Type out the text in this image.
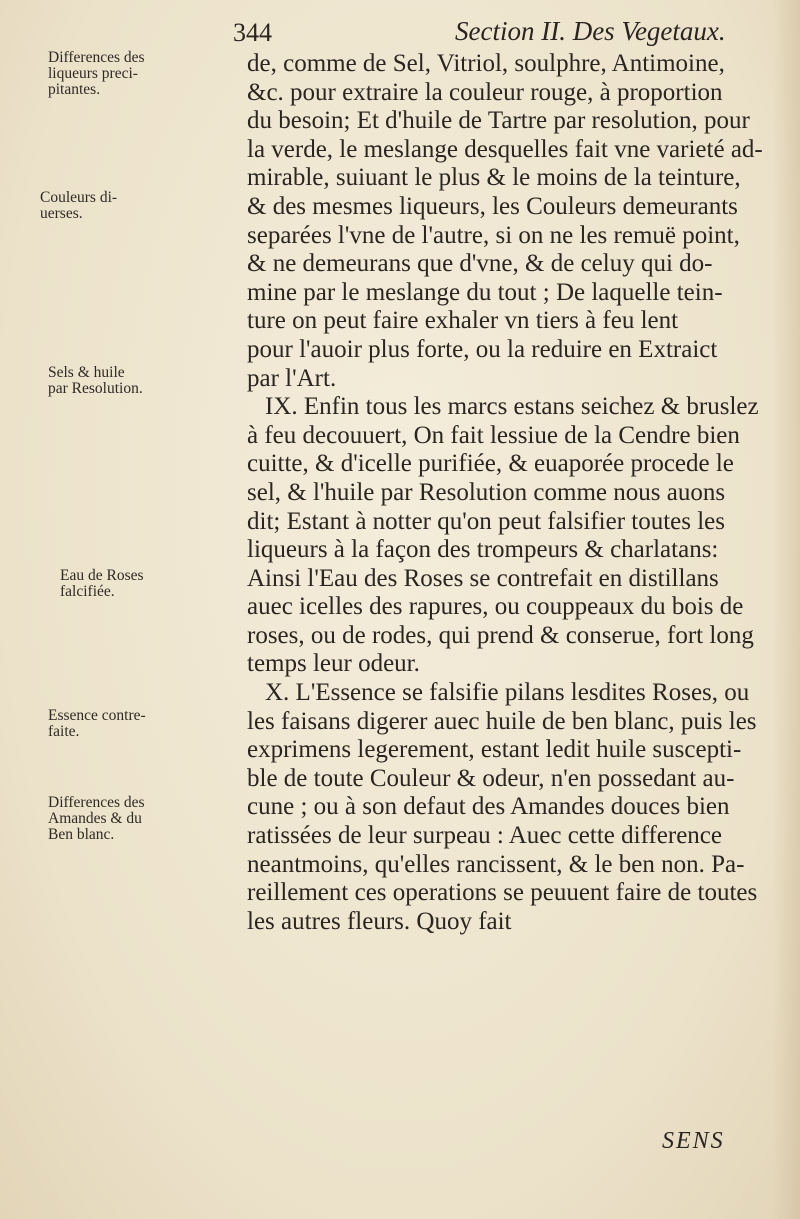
344	Section II. Des Vegetaux.
Differences des
liqueurs preci-
pitantes.
Couleurs di-
uerses.
Sels & huile
par Resolution.
Eau de Roses
falcifiée.
Essence contre-
faite.
Differences des
Amandes & du
Ben blanc.
de, comme de Sel, Vitriol, soulphre, Antimoine,
&c. pour extraire la couleur rouge, à proportion
du besoin; Et d'huile de Tartre par resolution, pour
la verde, le meslange desquelles fait vne varieté ad-
mirable, suiuant le plus & le moins de la teinture,
& des mesmes liqueurs, les Couleurs demeurants
separées l'vne de l'autre, si on ne les remuë point,
& ne demeurans que d'vne, & de celuy qui do-
mine par le meslange du tout ; De laquelle tein-
ture on peut faire exhaler vn tiers à feu lent
pour l'auoir plus forte, ou la reduire en Extraict
par l'Art.
IX. Enfin tous les marcs estans seichez & bruslez
à feu decouuert, On fait lessiue de la Cendre bien
cuitte, & d'icelle purifiée, & euaporée procede le
sel, & l'huile par Resolution comme nous auons
dit; Estant à notter qu'on peut falsifier toutes les
liqueurs à la façon des trompeurs & charlatans:
Ainsi l'Eau des Roses se contrefait en distillans
auec icelles des rapures, ou couppeaux du bois de
roses, ou de rodes, qui prend & conserue, fort long
temps leur odeur.
X. L'Essence se falsifie pilans lesdites Roses, ou
les faisans digerer auec huile de ben blanc, puis les
exprimens legerement, estant ledit huile suscepti-
ble de toute Couleur & odeur, n'en possedant au-
cune ; ou à son defaut des Amandes douces bien
ratissées de leur surpeau : Auec cette difference
neantmoins, qu'elles rancissent, & le ben non. Pa-
reillement ces operations se peuuent faire de toutes
les autres fleurs. Quoy fait
SENS
